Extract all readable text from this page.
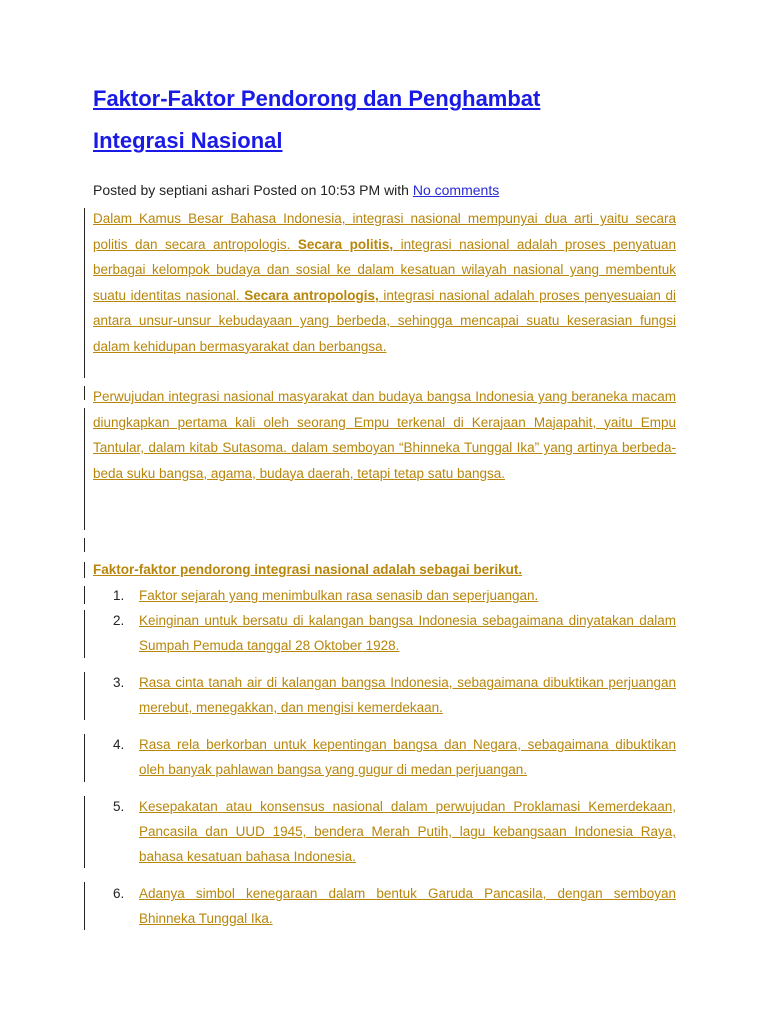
Faktor-Faktor Pendorong dan Penghambat
Integrasi Nasional
Posted by septiani ashari Posted on 10:53 PM with No comments

Dalam Kamus Besar Bahasa Indonesia, integrasi nasional mempunyai dua arti yaitu secara politis dan secara antropologis. Secara politis, integrasi nasional adalah proses penyatuan berbagai kelompok budaya dan sosial ke dalam kesatuan wilayah nasional yang membentuk suatu identitas nasional. Secara antropologis, integrasi nasional adalah proses penyesuaian di antara unsur-unsur kebudayaan yang berbeda, sehingga mencapai suatu keserasian fungsi dalam kehidupan bermasyarakat dan berbangsa.

Perwujudan integrasi nasional masyarakat dan budaya bangsa Indonesia yang beraneka macam diungkapkan pertama kali oleh seorang Empu terkenal di Kerajaan Majapahit, yaitu Empu Tantular, dalam kitab Sutasoma. dalam semboyan “Bhinneka Tunggal Ika” yang artinya berbeda-beda suku bangsa, agama, budaya daerah, tetapi tetap satu bangsa.

Faktor-faktor pendorong integrasi nasional adalah sebagai berikut.
1. Faktor sejarah yang menimbulkan rasa senasib dan seperjuangan.
2. Keinginan untuk bersatu di kalangan bangsa Indonesia sebagaimana dinyatakan dalam Sumpah Pemuda tanggal 28 Oktober 1928.
3. Rasa cinta tanah air di kalangan bangsa Indonesia, sebagaimana dibuktikan perjuangan merebut, menegakkan, dan mengisi kemerdekaan.
4. Rasa rela berkorban untuk kepentingan bangsa dan Negara, sebagaimana dibuktikan oleh banyak pahlawan bangsa yang gugur di medan perjuangan.
5. Kesepakatan atau konsensus nasional dalam perwujudan Proklamasi Kemerdekaan, Pancasila dan UUD 1945, bendera Merah Putih, lagu kebangsaan Indonesia Raya, bahasa kesatuan bahasa Indonesia.
6. Adanya simbol kenegaraan dalam bentuk Garuda Pancasila, dengan semboyan Bhinneka Tunggal Ika.
